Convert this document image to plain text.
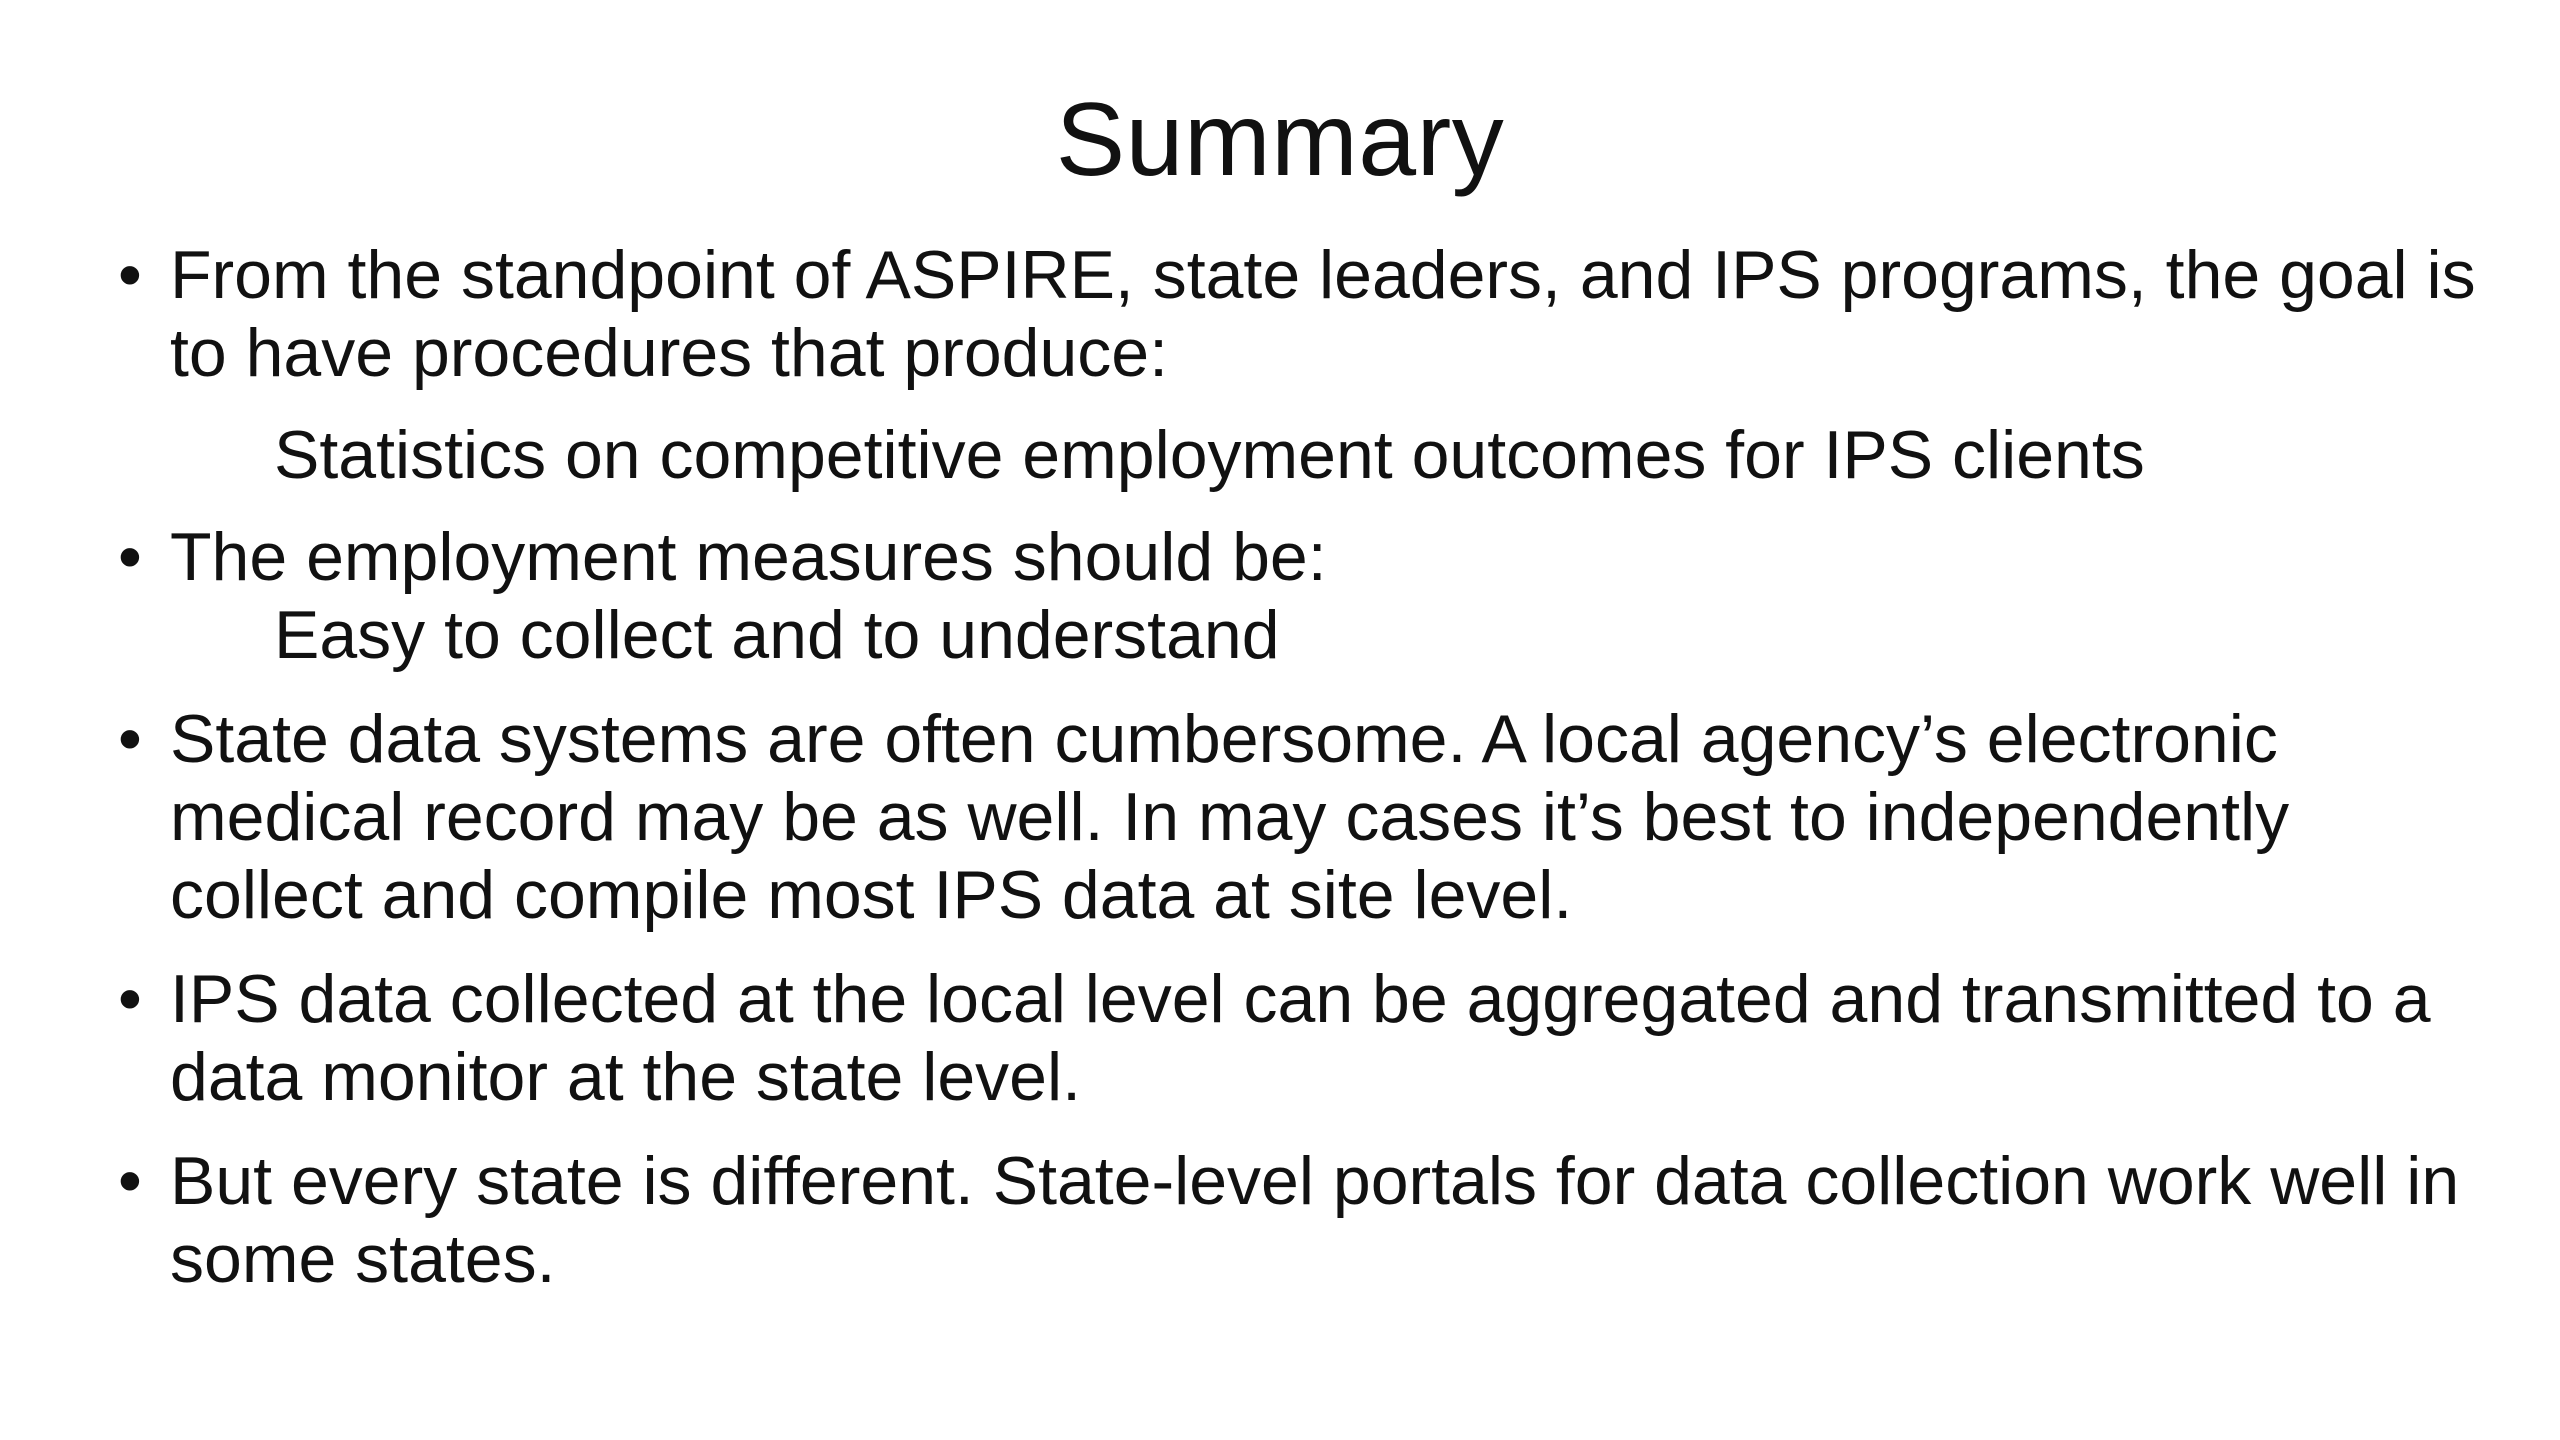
Summary

• From the standpoint of ASPIRE, state leaders, and IPS programs, the goal is to have procedures that produce:

Statistics on competitive employment outcomes for IPS clients

• The employment measures should be:

Easy to collect and to understand

• State data systems are often cumbersome. A local agency’s electronic medical record may be as well. In may cases it’s best to independently collect and compile most IPS data at site level.

• IPS data collected at the local level can be aggregated and transmitted to a data monitor at the state level.

• But every state is different. State-level portals for data collection work well in some states.
